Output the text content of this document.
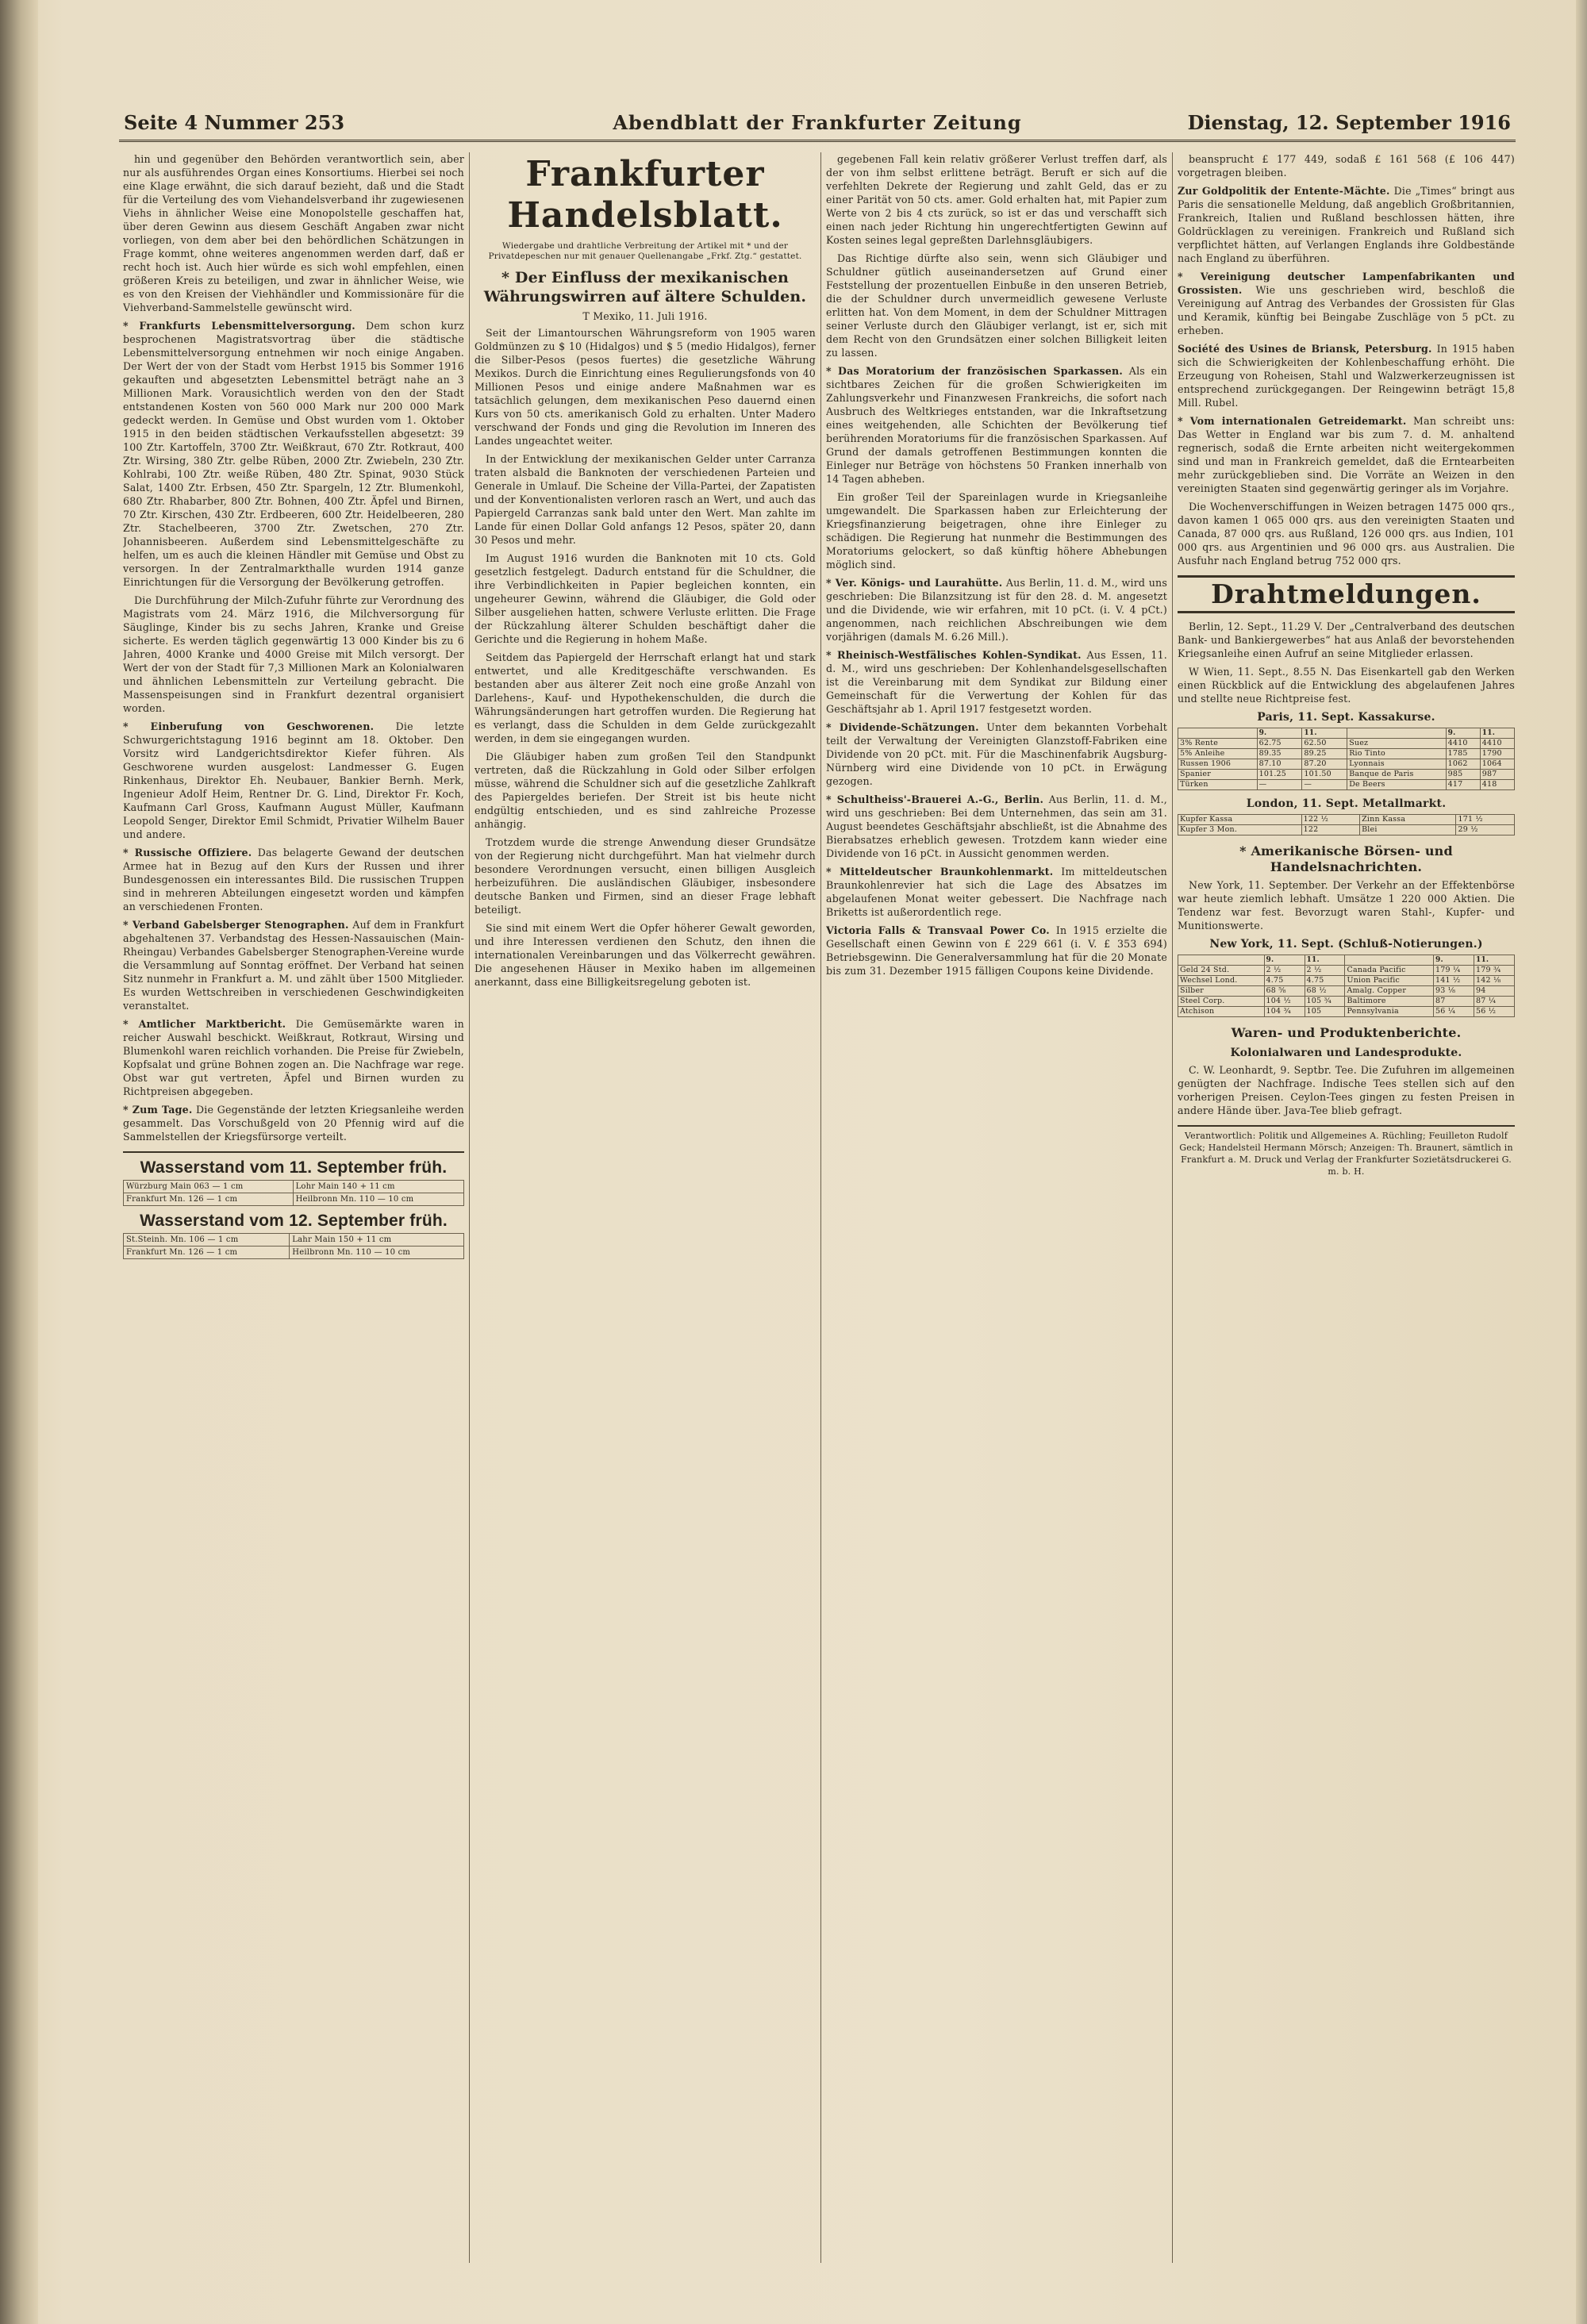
Seite 4 Nummer 253	Abendblatt der Frankfurter Zeitung	Dienstag, 12. September 1916

hin und gegenüber den Behörden verantwortlich sein, aber nur als ausführendes Organ eines Konsortiums. Hierbei sei noch eine Klage erwähnt, die sich darauf bezieht, daß und die Stadt für die Verteilung des vom Viehandelsverband ihr zugewiesenen Viehs in ähnlicher Weise eine Monopolstelle geschaffen hat, über deren Gewinn aus diesem Geschäft Angaben zwar nicht vorliegen, von dem aber bei den behördlichen Schätzungen in Frage kommt, ohne weiteres angenommen werden darf, daß er recht hoch ist. Auch hier würde es sich wohl empfehlen, einen größeren Kreis zu beteiligen, und zwar in ähnlicher Weise, wie es von den Kreisen der Viehhändler und Kommissionäre für die Viehverband-Sammelstelle gewünscht wird.

* Frankfurts Lebensmittelversorgung. Dem schon kurz besprochenen Magistratsvortrag über die städtische Lebensmittelversorgung entnehmen wir noch einige Angaben. Der Wert der von der Stadt vom Herbst 1915 bis Sommer 1916 gekauften und abgesetzten Lebensmittel beträgt nahe an 3 Millionen Mark. Vorausichtlich werden von den der Stadt entstandenen Kosten von 560 000 Mark nur 200 000 Mark gedeckt werden. In Gemüse und Obst wurden vom 1. Oktober 1915 in den beiden städtischen Verkaufsstellen abgesetzt: 39 100 Ztr. Kartoffeln, 3700 Ztr. Weißkraut, 670 Ztr. Rotkraut, 400 Ztr. Wirsing, 380 Ztr. gelbe Rüben, 2000 Ztr. Zwiebeln, 230 Ztr. Kohlrabi, 100 Ztr. weiße Rüben, 480 Ztr. Spinat, 9030 Stück Salat, 1400 Ztr. Erbsen, 450 Ztr. Spargeln, 12 Ztr. Blumenkohl, 680 Ztr. Rhabarber, 800 Ztr. Bohnen, 400 Ztr. Äpfel und Birnen, 70 Ztr. Kirschen, 430 Ztr. Erdbeeren, 600 Ztr. Heidelbeeren, 280 Ztr. Stachelbeeren, 3700 Ztr. Zwetschen, 270 Ztr. Johannisbeeren. Außerdem sind Lebensmittelgeschäfte zu helfen, um es auch die kleinen Händler mit Gemüse und Obst zu versorgen. In der Zentralmarkthalle wurden 1914 ganze Einrichtungen für die Versorgung der Bevölkerung getroffen.

Die Durchführung der Milch-Zufuhr führte zur Verordnung des Magistrats vom 24. März 1916, die Milchversorgung für Säuglinge, Kinder bis zu sechs Jahren, Kranke und Greise sicherte. Es werden täglich gegenwärtig 13 000 Kinder bis zu 6 Jahren, 4000 Kranke und 4000 Greise mit Milch versorgt. Der Wert der von der Stadt für 7,3 Millionen Mark an Kolonialwaren und ähnlichen Lebensmitteln zur Verteilung gebracht. Die Massenspeisungen sind in Frankfurt dezentral organisiert worden.

* Einberufung von Geschworenen. Die letzte Schwurgerichtstagung 1916 beginnt am 18. Oktober. Den Vorsitz wird Landgerichtsdirektor Kiefer führen. Als Geschworene wurden ausgelost: Landmesser G. Eugen Rinkenhaus, Direktor Eh. Neubauer, Bankier Bernh. Merk, Ingenieur Adolf Heim, Rentner Dr. G. Lind, Direktor Fr. Koch, Kaufmann Carl Gross, Kaufmann August Müller, Kaufmann Leopold Senger, Direktor Emil Schmidt, Privatier Wilhelm Bauer und andere.
* Russische Offiziere. Das belagerte Gewand der deutschen Armee hat in Bezug auf den Kurs der Russen und ihrer Bundesgenossen ein interessantes Bild. Die russischen Truppen sind in mehreren Abteilungen eingesetzt worden und kämpfen an verschiedenen Fronten.
* Verband Gabelsberger Stenographen. Auf dem in Frankfurt abgehaltenen 37. Verbandstag des Hessen-Nassauischen (Main-Rheingau) Verbandes Gabelsberger Stenographen-Vereine wurde die Versammlung auf Sonntag eröffnet. Der Verband hat seinen Sitz nunmehr in Frankfurt a. M. und zählt über 1500 Mitglieder. Es wurden Wettschreiben in verschiedenen Geschwindigkeiten veranstaltet.
* Amtlicher Marktbericht. Die Gemüsemärkte waren in reicher Auswahl beschickt. Weißkraut, Rotkraut, Wirsing und Blumenkohl waren reichlich vorhanden. Die Preise für Zwiebeln, Kopfsalat und grüne Bohnen zogen an. Die Nachfrage war rege. Obst war gut vertreten, Äpfel und Birnen wurden zu Richtpreisen abgegeben.
* Zum Tage. Die Gegenstände der letzten Kriegsanleihe werden gesammelt. Das Vorschußgeld von 20 Pfennig wird auf die Sammelstellen der Kriegsfürsorge verteilt.
Wasserstand vom 11. September früh.
Würzburg Main 063 — 1 cm	Lohr Main 140 + 11 cm
Frankfurt Mn. 126 — 1 cm	Heilbronn Mn. 110 — 10 cm
Wasserstand vom 12. September früh.
St.Steinh. Mn. 106 — 1 cm	Lahr Main 150 + 11 cm
Frankfurt Mn. 126 — 1 cm	Heilbronn Mn. 110 — 10 cm
Frankfurter Handelsblatt.
Wiedergabe und drahtliche Verbreitung der Artikel mit * und der Privatdepeschen nur mit genauer Quellenangabe „Frkf. Ztg.“ gestattet.
* Der Einfluss der mexikanischen Währungswirren auf ältere Schulden.
T Mexiko, 11. Juli 1916.

Seit der Limantourschen Währungsreform von 1905 waren Goldmünzen zu $ 10 (Hidalgos) und $ 5 (medio Hidalgos), ferner die Silber-Pesos (pesos fuertes) die gesetzliche Währung Mexikos. Durch die Einrichtung eines Regulierungsfonds von 40 Millionen Pesos und einige andere Maßnahmen war es tatsächlich gelungen, dem mexikanischen Peso dauernd einen Kurs von 50 cts. amerikanisch Gold zu erhalten. Unter Madero verschwand der Fonds und ging die Revolution im Inneren des Landes ungeachtet weiter.

In der Entwicklung der mexikanischen Gelder unter Carranza traten alsbald die Banknoten der verschiedenen Parteien und Generale in Umlauf. Die Scheine der Villa-Partei, der Zapatisten und der Konventionalisten verloren rasch an Wert, und auch das Papiergeld Carranzas sank bald unter den Wert. Man zahlte im Lande für einen Dollar Gold anfangs 12 Pesos, später 20, dann 30 Pesos und mehr.

Im August 1916 wurden die Banknoten mit 10 cts. Gold gesetzlich festgelegt. Dadurch entstand für die Schuldner, die ihre Verbindlichkeiten in Papier begleichen konnten, ein ungeheurer Gewinn, während die Gläubiger, die Gold oder Silber ausgeliehen hatten, schwere Verluste erlitten. Die Frage der Rückzahlung älterer Schulden beschäftigt daher die Gerichte und die Regierung in hohem Maße.

Seitdem das Papiergeld der Herrschaft erlangt hat und stark entwertet, und alle Kreditgeschäfte verschwanden. Es bestanden aber aus älterer Zeit noch eine große Anzahl von Darlehens-, Kauf- und Hypothekenschulden, die durch die Währungsänderungen hart getroffen wurden. Die Regierung hat es verlangt, dass die Schulden in dem Gelde zurückgezahlt werden, in dem sie eingegangen wurden.

Die Gläubiger haben zum großen Teil den Standpunkt vertreten, daß die Rückzahlung in Gold oder Silber erfolgen müsse, während die Schuldner sich auf die gesetzliche Zahlkraft des Papiergeldes beriefen. Der Streit ist bis heute nicht endgültig entschieden, und es sind zahlreiche Prozesse anhängig.

Trotzdem wurde die strenge Anwendung dieser Grundsätze von der Regierung nicht durchgeführt. Man hat vielmehr durch besondere Verordnungen versucht, einen billigen Ausgleich herbeizuführen. Die ausländischen Gläubiger, insbesondere deutsche Banken und Firmen, sind an dieser Frage lebhaft beteiligt.

Sie sind mit einem Wert die Opfer höherer Gewalt geworden, und ihre Interessen verdienen den Schutz, den ihnen die internationalen Vereinbarungen und das Völkerrecht gewähren. Die angesehenen Häuser in Mexiko haben im allgemeinen anerkannt, dass eine Billigkeitsregelung geboten ist.

gegebenen Fall kein relativ größerer Verlust treffen darf, als der von ihm selbst erlittene beträgt. Beruft er sich auf die verfehlten Dekrete der Regierung und zahlt Geld, das er zu einer Parität von 50 cts. amer. Gold erhalten hat, mit Papier zum Werte von 2 bis 4 cts zurück, so ist er das und verschafft sich einen nach jeder Richtung hin ungerechtfertigten Gewinn auf Kosten seines legal gepreßten Darlehnsgläubigers.

Das Richtige dürfte also sein, wenn sich Gläubiger und Schuldner gütlich auseinandersetzen auf Grund einer Feststellung der prozentuellen Einbuße in den unseren Betrieb, die der Schuldner durch unvermeidlich gewesene Verluste erlitten hat. Von dem Moment, in dem der Schuldner Mittragen seiner Verluste durch den Gläubiger verlangt, ist er, sich mit dem Recht von den Grundsätzen einer solchen Billigkeit leiten zu lassen.

* Das Moratorium der französischen Sparkassen. Als ein sichtbares Zeichen für die großen Schwierigkeiten im Zahlungsverkehr und Finanzwesen Frankreichs, die sofort nach Ausbruch des Weltkrieges entstanden, war die Inkraftsetzung eines weitgehenden, alle Schichten der Bevölkerung tief berührenden Moratoriums für die französischen Sparkassen. Auf Grund der damals getroffenen Bestimmungen konnten die Einleger nur Beträge von höchstens 50 Franken innerhalb von 14 Tagen abheben.

Ein großer Teil der Spareinlagen wurde in Kriegsanleihe umgewandelt. Die Sparkassen haben zur Erleichterung der Kriegsfinanzierung beigetragen, ohne ihre Einleger zu schädigen. Die Regierung hat nunmehr die Bestimmungen des Moratoriums gelockert, so daß künftig höhere Abhebungen möglich sind.

* Ver. Königs- und Laurahütte. Aus Berlin, 11. d. M., wird uns geschrieben: Die Bilanzsitzung ist für den 28. d. M. angesetzt und die Dividende, wie wir erfahren, mit 10 pCt. (i. V. 4 pCt.) angenommen, nach reichlichen Abschreibungen wie dem vorjährigen (damals M. 6.26 Mill.).
* Rheinisch-Westfälisches Kohlen-Syndikat. Aus Essen, 11. d. M., wird uns geschrieben: Der Kohlenhandelsgesellschaften ist die Vereinbarung mit dem Syndikat zur Bildung einer Gemeinschaft für die Verwertung der Kohlen für das Geschäftsjahr ab 1. April 1917 festgesetzt worden.
* Dividende-Schätzungen. Unter dem bekannten Vorbehalt teilt der Verwaltung der Vereinigten Glanzstoff-Fabriken eine Dividende von 20 pCt. mit. Für die Maschinenfabrik Augsburg-Nürnberg wird eine Dividende von 10 pCt. in Erwägung gezogen.
* Schultheiss'-Brauerei A.-G., Berlin. Aus Berlin, 11. d. M., wird uns geschrieben: Bei dem Unternehmen, das sein am 31. August beendetes Geschäftsjahr abschließt, ist die Abnahme des Bierabsatzes erheblich gewesen. Trotzdem kann wieder eine Dividende von 16 pCt. in Aussicht genommen werden.
* Mitteldeutscher Braunkohlenmarkt. Im mitteldeutschen Braunkohlenrevier hat sich die Lage des Absatzes im abgelaufenen Monat weiter gebessert. Die Nachfrage nach Briketts ist außerordentlich rege.
Victoria Falls & Transvaal Power Co. In 1915 erzielte die Gesellschaft einen Gewinn von £ 229 661 (i. V. £ 353 694) Betriebsgewinn. Die Generalversammlung hat für die 20 Monate bis zum 31. Dezember 1915 fälligen Coupons keine Dividende.

beansprucht £ 177 449, sodaß £ 161 568 (£ 106 447) vorgetragen bleiben.

Zur Goldpolitik der Entente-Mächte. Die „Times“ bringt aus Paris die sensationelle Meldung, daß angeblich Großbritannien, Frankreich, Italien und Rußland beschlossen hätten, ihre Goldrücklagen zu vereinigen. Frankreich und Rußland sich verpflichtet hätten, auf Verlangen Englands ihre Goldbestände nach England zu überführen.
* Vereinigung deutscher Lampenfabrikanten und Grossisten. Wie uns geschrieben wird, beschloß die Vereinigung auf Antrag des Verbandes der Grossisten für Glas und Keramik, künftig bei Beingabe Zuschläge von 5 pCt. zu erheben.
Société des Usines de Briansk, Petersburg. In 1915 haben sich die Schwierigkeiten der Kohlenbeschaffung erhöht. Die Erzeugung von Roheisen, Stahl und Walzwerkerzeugnissen ist entsprechend zurückgegangen. Der Reingewinn beträgt 15,8 Mill. Rubel.
* Vom internationalen Getreidemarkt. Man schreibt uns: Das Wetter in England war bis zum 7. d. M. anhaltend regnerisch, sodaß die Ernte arbeiten nicht weitergekommen sind und man in Frankreich gemeldet, daß die Erntearbeiten mehr zurückgeblieben sind. Die Vorräte an Weizen in den vereinigten Staaten sind gegenwärtig geringer als im Vorjahre.

Die Wochenverschiffungen in Weizen betragen 1475 000 qrs., davon kamen 1 065 000 qrs. aus den vereinigten Staaten und Canada, 87 000 qrs. aus Rußland, 126 000 qrs. aus Indien, 101 000 qrs. aus Argentinien und 96 000 qrs. aus Australien. Die Ausfuhr nach England betrug 752 000 qrs.

Drahtmeldungen.

Berlin, 12. Sept., 11.29 V. Der „Centralverband des deutschen Bank- und Bankiergewerbes“ hat aus Anlaß der bevorstehenden Kriegsanleihe einen Aufruf an seine Mitglieder erlassen.

W Wien, 11. Sept., 8.55 N. Das Eisenkartell gab den Werken einen Rückblick auf die Entwicklung des abgelaufenen Jahres und stellte neue Richtpreise fest.

Paris, 11. Sept. Kassakurse.
	9.	11.		9.	11.
3% Rente	62.75	62.50	Suez	4410	4410
5% Anleihe	89.35	89.25	Rio Tinto	1785	1790
Russen 1906	87.10	87.20	Lyonnais	1062	1064
Spanier	101.25	101.50	Banque de Paris	985	987
Türken	—	—	De Beers	417	418
London, 11. Sept. Metallmarkt.
Kupfer Kassa	122 ½	Zinn Kassa	171 ½
Kupfer 3 Mon.	122	Blei	29 ½
* Amerikanische Börsen- und Handelsnachrichten.

New York, 11. September. Der Verkehr an der Effektenbörse war heute ziemlich lebhaft. Umsätze 1 220 000 Aktien. Die Tendenz war fest. Bevorzugt waren Stahl-, Kupfer- und Munitionswerte.

New York, 11. Sept. (Schluß-Notierungen.)
	9.	11.		9.	11.
Geld 24 Std.	2 ½	2 ½	Canada Pacific	179 ¼	179 ¾
Wechsel Lond.	4.75	4.75	Union Pacific	141 ½	142 ⅛
Silber	68 ⅝	68 ½	Amalg. Copper	93 ⅛	94
Steel Corp.	104 ½	105 ¾	Baltimore	87	87 ¼
Atchison	104 ¾	105	Pennsylvania	56 ¼	56 ½
Waren- und Produktenberichte.
Kolonialwaren und Landesprodukte.

C. W. Leonhardt, 9. Septbr. Tee. Die Zufuhren im allgemeinen genügten der Nachfrage. Indische Tees stellen sich auf den vorherigen Preisen. Ceylon-Tees gingen zu festen Preisen in andere Hände über. Java-Tee blieb gefragt.

Verantwortlich: Politik und Allgemeines A. Rüchling; Feuilleton Rudolf Geck; Handelsteil Hermann Mörsch; Anzeigen: Th. Braunert, sämtlich in Frankfurt a. M. Druck und Verlag der Frankfurter Sozietätsdruckerei G. m. b. H.
